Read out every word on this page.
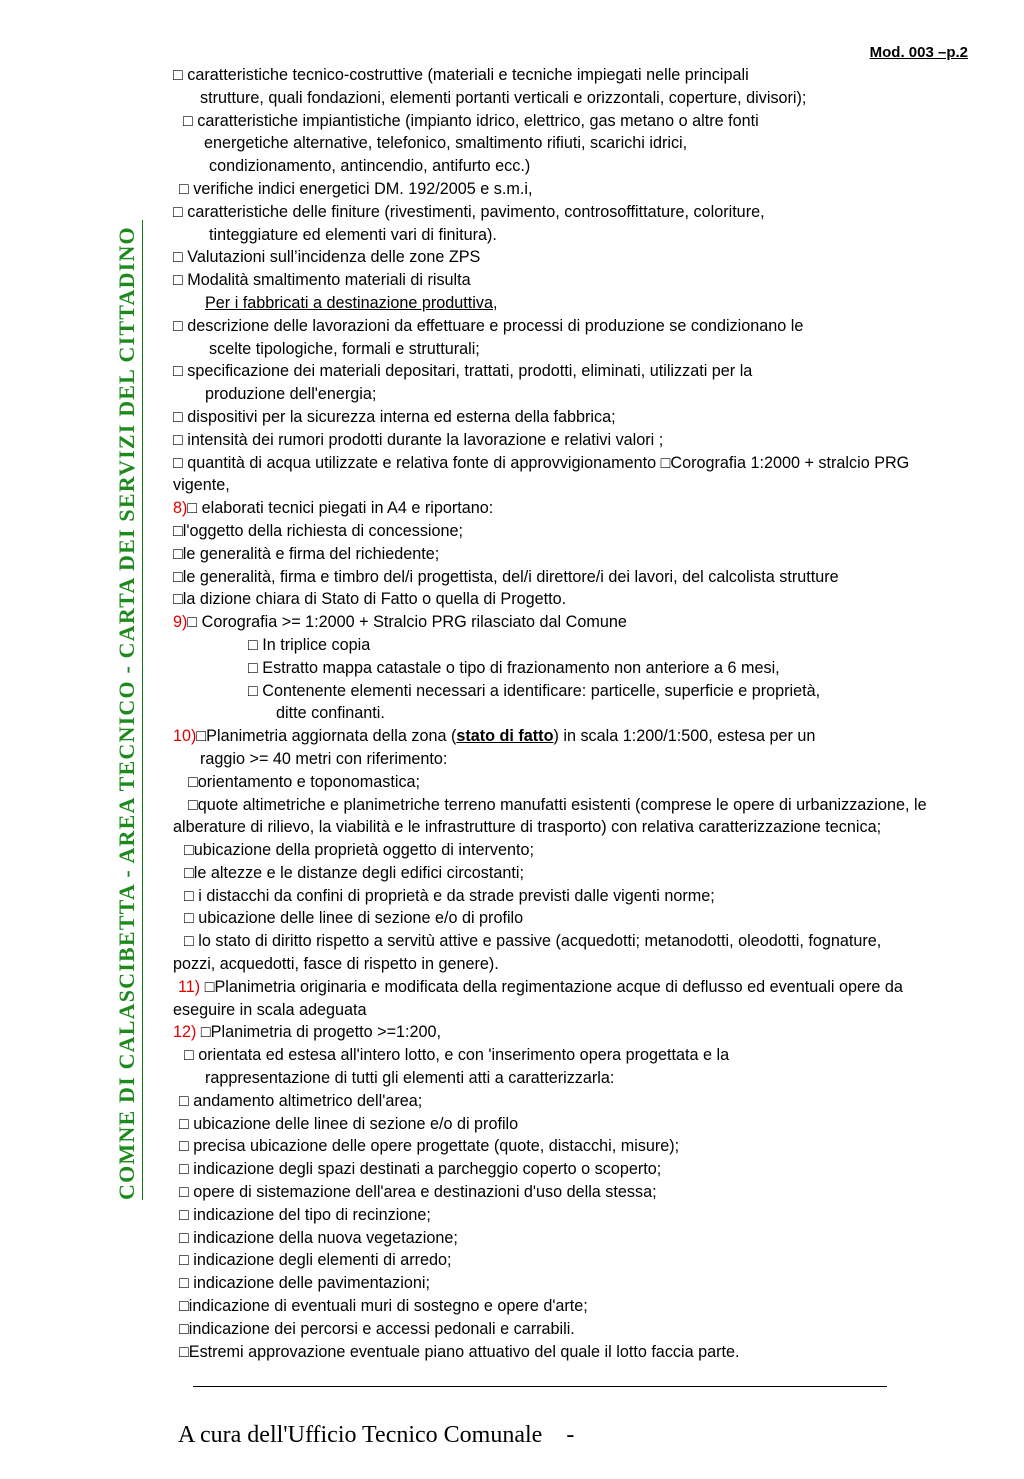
Mod. 003 –p.2
COMNE DI CALASCIBETTA - AREA TECNICO - CARTA DEI SERVIZI DEL CITTADINO
□ caratteristiche tecnico-costruttive (materiali e tecniche impiegati nelle principali
strutture, quali fondazioni, elementi portanti verticali e orizzontali, coperture, divisori);
□ caratteristiche impiantistiche (impianto idrico, elettrico, gas metano o altre fonti
energetiche alternative, telefonico, smaltimento rifiuti, scarichi idrici,
condizionamento, antincendio, antifurto ecc.)
□ verifiche indici energetici DM. 192/2005 e s.m.i,
□ caratteristiche delle finiture (rivestimenti, pavimento, controsoffittature, coloriture,
tinteggiature ed elementi vari di finitura).
□ Valutazioni sull’incidenza delle zone ZPS
□ Modalità smaltimento materiali di risulta
Per i fabbricati a destinazione produttiva,
□ descrizione delle lavorazioni da effettuare e processi di produzione se condizionano le
scelte tipologiche, formali e strutturali;
□ specificazione dei materiali depositari, trattati, prodotti, eliminati, utilizzati per la
produzione dell'energia;
□ dispositivi per la sicurezza interna ed esterna della fabbrica;
□ intensità dei rumori prodotti durante la lavorazione e relativi valori ;
□ quantità di acqua utilizzate e relativa fonte di approvvigionamento □Corografia 1:2000 + stralcio PRG vigente,
8)□ elaborati tecnici piegati in A4 e riportano:
□l'oggetto della richiesta di concessione;
□le generalità e firma del richiedente;
□le generalità, firma e timbro del/i progettista, del/i direttore/i dei lavori, del calcolista strutture
□la dizione chiara di Stato di Fatto o quella di Progetto.
9)□ Corografia >= 1:2000 + Stralcio PRG rilasciato dal Comune
□ In triplice copia
□ Estratto mappa catastale o tipo di frazionamento non anteriore a 6 mesi,
□ Contenente elementi necessari a identificare: particelle, superficie e proprietà,
ditte confinanti.
10)□Planimetria aggiornata della zona (stato di fatto) in scala 1:200/1:500, estesa per un
raggio >= 40 metri con riferimento:
□orientamento e toponomastica;
□quote altimetriche e planimetriche terreno manufatti esistenti (comprese le opere di urbanizzazione, le alberature di rilievo, la viabilità e le infrastrutture di trasporto) con relativa caratterizzazione tecnica;
□ubicazione della proprietà oggetto di intervento;
□le altezze e le distanze degli edifici circostanti;
□ i distacchi da confini di proprietà e da strade previsti dalle vigenti norme;
□ ubicazione delle linee di sezione e/o di profilo
□ lo stato di diritto rispetto a servitù attive e passive (acquedotti; metanodotti, oleodotti, fognature, pozzi, acquedotti, fasce di rispetto in genere).
11) □Planimetria originaria e modificata della regimentazione acque di deflusso ed eventuali opere da eseguire in scala adeguata
12) □Planimetria di progetto >=1:200,
□ orientata ed estesa all'intero lotto, e con 'inserimento opera progettata e la
rappresentazione di tutti gli elementi atti a caratterizzarla:
□ andamento altimetrico dell'area;
□ ubicazione delle linee di sezione e/o di profilo
□ precisa ubicazione delle opere progettate (quote, distacchi, misure);
□ indicazione degli spazi destinati a parcheggio coperto o scoperto;
□ opere di sistemazione dell'area e destinazioni d'uso della stessa;
□ indicazione del tipo di recinzione;
□ indicazione della nuova vegetazione;
□ indicazione degli elementi di arredo;
□ indicazione delle pavimentazioni;
□indicazione di eventuali muri di sostegno e opere d'arte;
□indicazione dei percorsi e accessi pedonali e carrabili.
□Estremi approvazione eventuale piano attuativo del quale il lotto faccia parte.
A cura dell'Ufficio Tecnico Comunale    -
